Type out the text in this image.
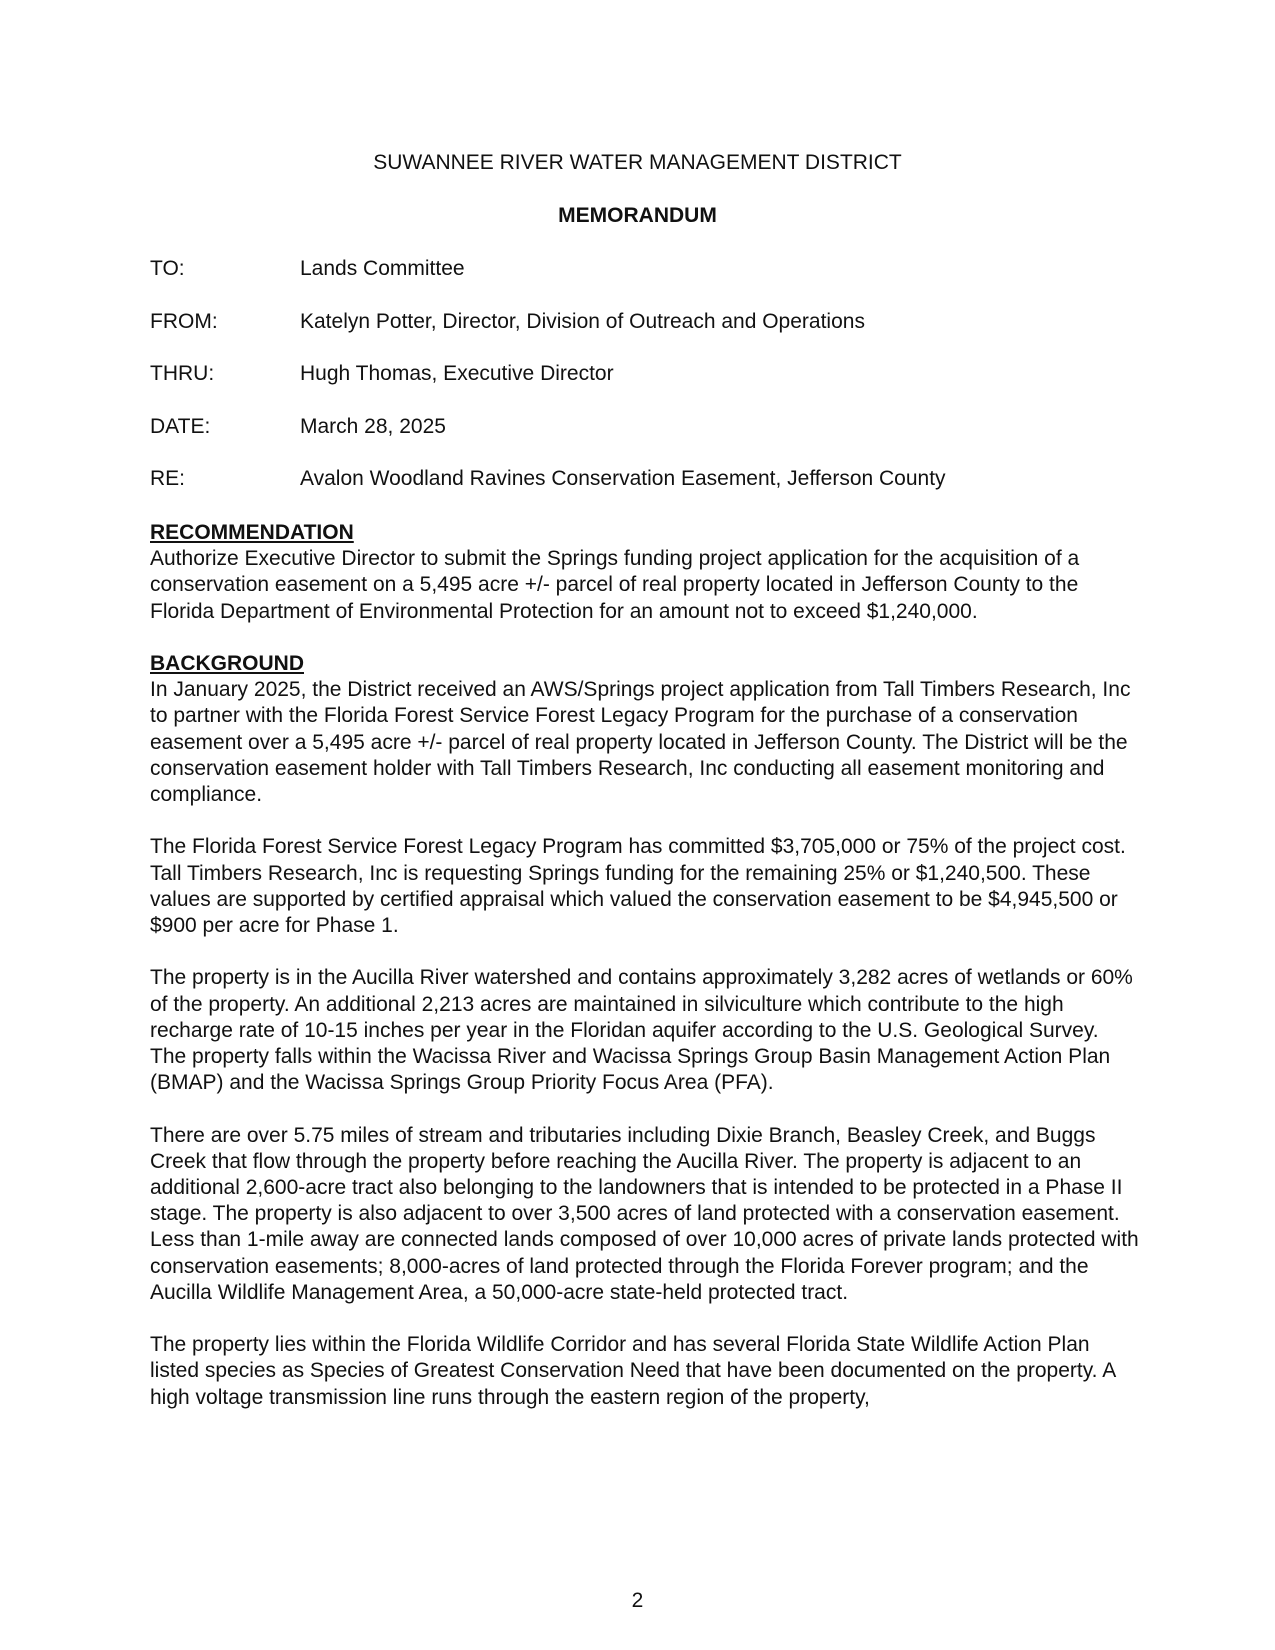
SUWANNEE RIVER WATER MANAGEMENT DISTRICT
MEMORANDUM
TO:	Lands Committee
FROM:	Katelyn Potter, Director, Division of Outreach and Operations
THRU:	Hugh Thomas, Executive Director
DATE:	March 28, 2025
RE:	Avalon Woodland Ravines Conservation Easement, Jefferson County

RECOMMENDATION

Authorize Executive Director to submit the Springs funding project application for the acquisition of a conservation easement on a 5,495 acre +/- parcel of real property located in Jefferson County to the Florida Department of Environmental Protection for an amount not to exceed $1,240,000.

BACKGROUND

In January 2025, the District received an AWS/Springs project application from Tall Timbers Research, Inc to partner with the Florida Forest Service Forest Legacy Program for the purchase of a conservation easement over a 5,495 acre +/- parcel of real property located in Jefferson County. The District will be the conservation easement holder with Tall Timbers Research, Inc conducting all easement monitoring and compliance.

The Florida Forest Service Forest Legacy Program has committed $3,705,000 or 75% of the project cost. Tall Timbers Research, Inc is requesting Springs funding for the remaining 25% or $1,240,500. These values are supported by certified appraisal which valued the conservation easement to be $4,945,500 or $900 per acre for Phase 1.

The property is in the Aucilla River watershed and contains approximately 3,282 acres of wetlands or 60% of the property. An additional 2,213 acres are maintained in silviculture which contribute to the high recharge rate of 10-15 inches per year in the Floridan aquifer according to the U.S. Geological Survey. The property falls within the Wacissa River and Wacissa Springs Group Basin Management Action Plan (BMAP) and the Wacissa Springs Group Priority Focus Area (PFA).

There are over 5.75 miles of stream and tributaries including Dixie Branch, Beasley Creek, and Buggs Creek that flow through the property before reaching the Aucilla River. The property is adjacent to an additional 2,600-acre tract also belonging to the landowners that is intended to be protected in a Phase II stage. The property is also adjacent to over 3,500 acres of land protected with a conservation easement. Less than 1-mile away are connected lands composed of over 10,000 acres of private lands protected with conservation easements; 8,000-acres of land protected through the Florida Forever program; and the Aucilla Wildlife Management Area, a 50,000-acre state-held protected tract.

The property lies within the Florida Wildlife Corridor and has several Florida State Wildlife Action Plan listed species as Species of Greatest Conservation Need that have been documented on the property. A high voltage transmission line runs through the eastern region of the property,

2
